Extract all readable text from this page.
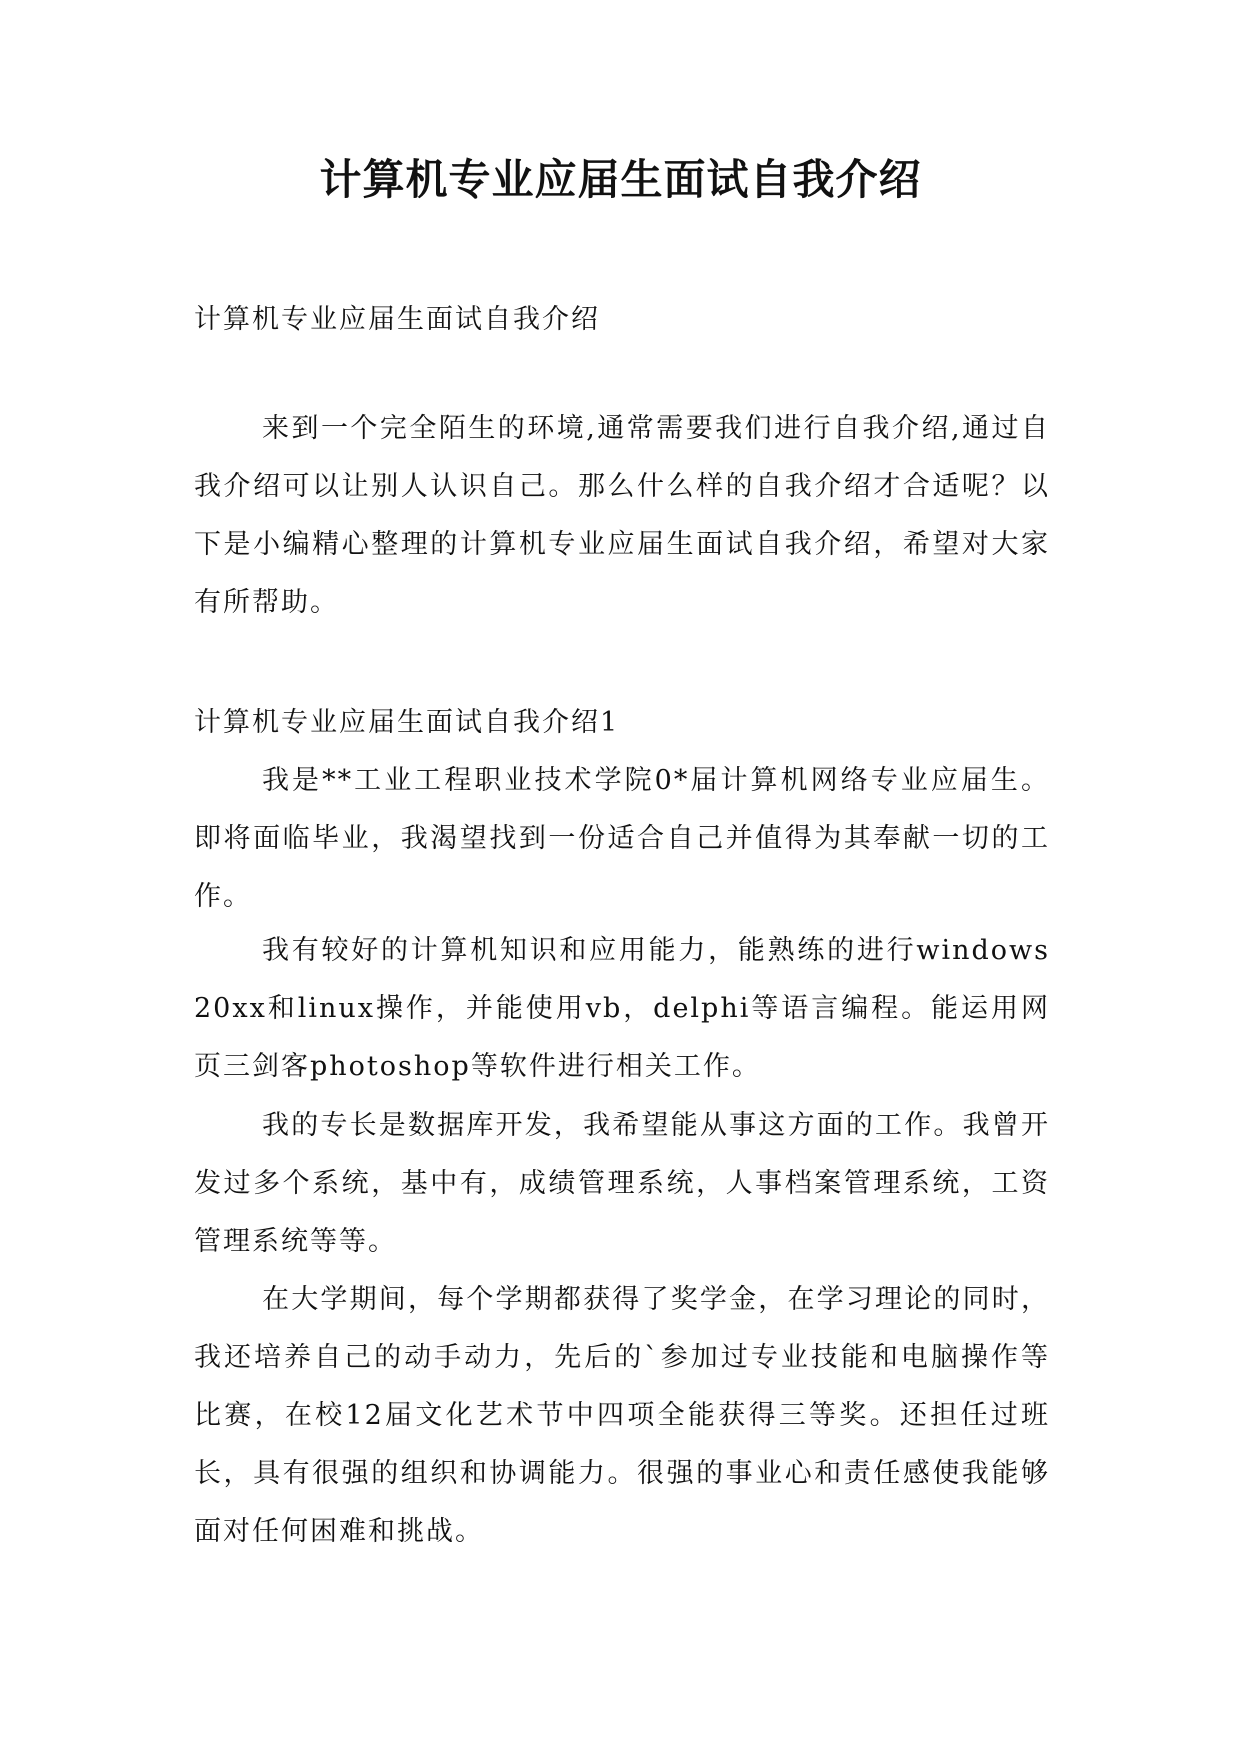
计算机专业应届生面试自我介绍

计算机专业应届生面试自我介绍

来到一个完全陌生的环境,通常需要我们进行自我介绍,通过自我介绍可以让别人认识自己。那么什么样的自我介绍才合适呢？以下是小编精心整理的计算机专业应届生面试自我介绍，希望对大家有所帮助。

计算机专业应届生面试自我介绍1

我是**工业工程职业技术学院0*届计算机网络专业应届生。即将面临毕业，我渴望找到一份适合自己并值得为其奉献一切的工作。

我有较好的计算机知识和应用能力，能熟练的进行windows 20xx和linux操作，并能使用vb，delphi等语言编程。能运用网页三剑客photoshop等软件进行相关工作。

我的专长是数据库开发，我希望能从事这方面的工作。我曾开发过多个系统，基中有，成绩管理系统，人事档案管理系统，工资管理系统等等。

在大学期间，每个学期都获得了奖学金，在学习理论的同时，我还培养自己的动手动力，先后的`参加过专业技能和电脑操作等比赛，在校12届文化艺术节中四项全能获得三等奖。还担任过班长，具有很强的组织和协调能力。很强的事业心和责任感使我能够面对任何困难和挑战。
